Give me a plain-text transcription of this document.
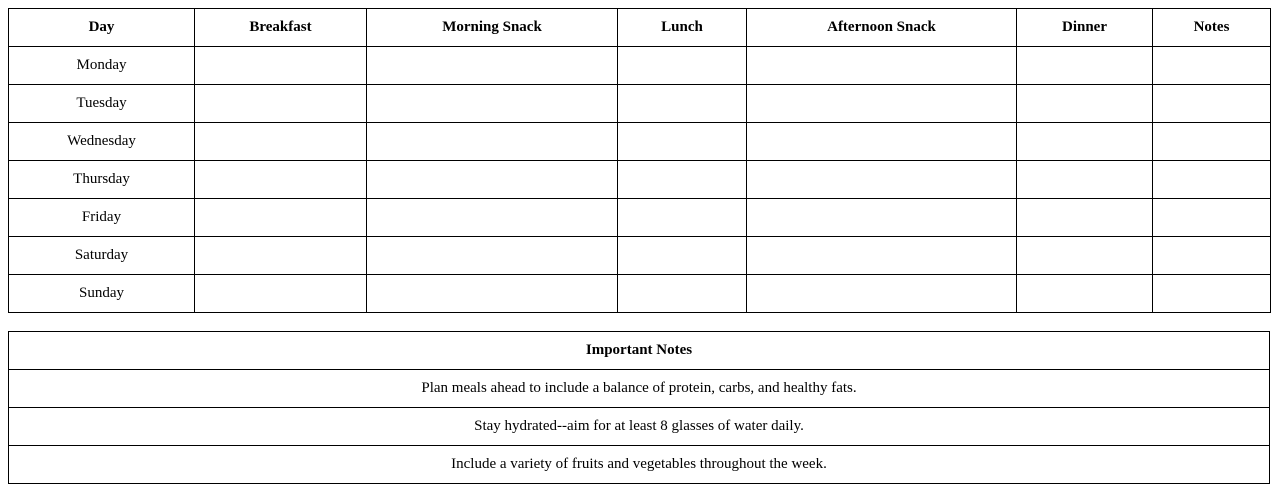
Day	Breakfast	Morning Snack	Lunch	Afternoon Snack	Dinner	Notes
Monday						
Tuesday						
Wednesday						
Thursday						
Friday						
Saturday						
Sunday						
Important Notes
Plan meals ahead to include a balance of protein, carbs, and healthy fats.
Stay hydrated--aim for at least 8 glasses of water daily.
Include a variety of fruits and vegetables throughout the week.
